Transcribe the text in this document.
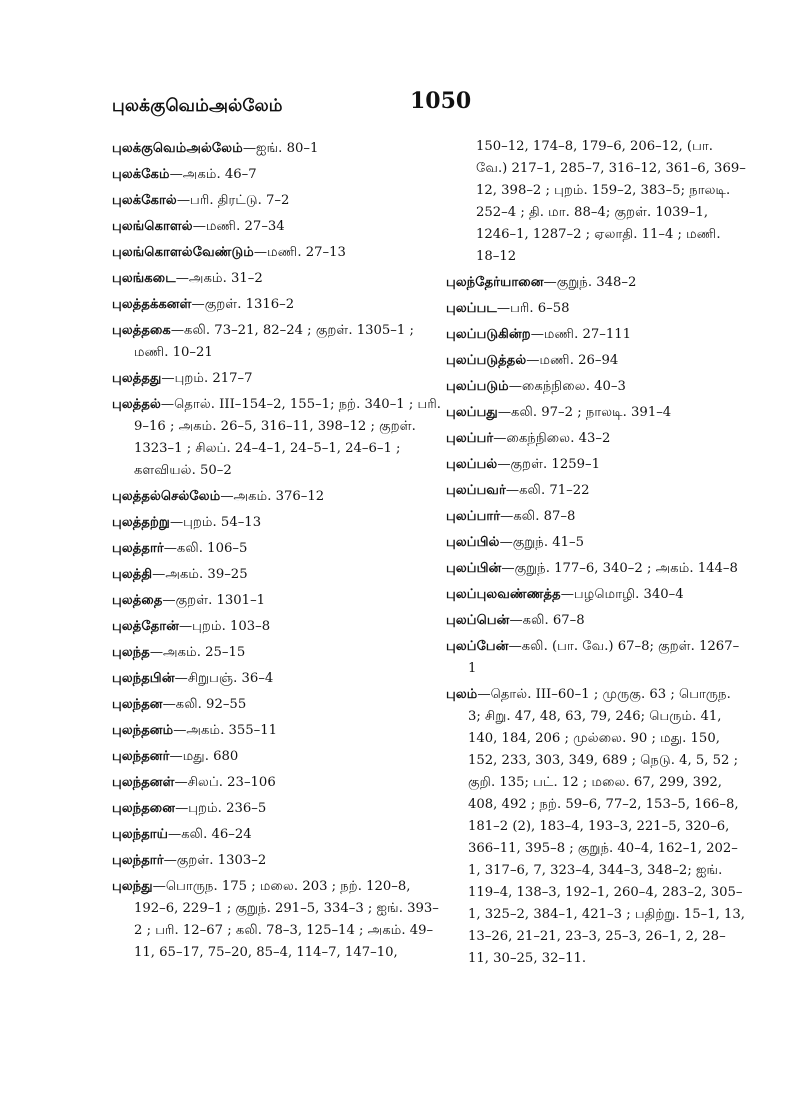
புலக்குவெம்அல்லேம்	1050
புலக்குவெம்அல்லேம்—ஐங். 80–1
புலக்கேம்—அகம். 46–7
புலக்கோல்—பரி. திரட்டு. 7–2
புலங்கொளல்—மணி. 27–34
புலங்கொளல்வேண்டும்—மணி. 27–13
புலங்கடை—அகம். 31–2
புலத்தக்கனள்—குறள். 1316–2
புலத்தகை—கலி. 73–21, 82–24 ; குறள். 1305–1 ; மணி. 10–21
புலத்தது—புறம். 217–7
புலத்தல்—தொல். III–154–2, 155–1; நற். 340–1 ; பரி. 9–16 ; அகம். 26–5, 316–11, 398–12 ; குறள். 1323–1 ; சிலப். 24–4–1, 24–5–1, 24–6–1 ; களவியல். 50–2
புலத்தல்செல்லேம்—அகம். 376–12
புலத்தற்று—புறம். 54–13
புலத்தார்—கலி. 106–5
புலத்தி—அகம். 39–25
புலத்தை—குறள். 1301–1
புலத்தோன்—புறம். 103–8
புலந்த—அகம். 25–15
புலந்தபின்—சிறுபஞ். 36–4
புலந்தன—கலி. 92–55
புலந்தனம்—அகம். 355–11
புலந்தனர்—மது. 680
புலந்தனள்—சிலப். 23–106
புலந்தனை—புறம். 236–5
புலந்தாய்—கலி. 46–24
புலந்தார்—குறள். 1303–2
புலந்து—பொருந. 175 ; மலை. 203 ; நற். 120–8, 192–6, 229–1 ; குறுந். 291–5, 334–3 ; ஐங். 393–2 ; பரி. 12–67 ; கலி. 78–3, 125–14 ; அகம். 49–11, 65–17, 75–20, 85–4, 114–7, 147–10,
150–12, 174–8, 179–6, 206–12, (பா. வே.) 217–1, 285–7, 316–12, 361–6, 369–12, 398–2 ; புறம். 159–2, 383–5; நாலடி. 252–4 ; தி. மா. 88–4; குறள். 1039–1, 1246–1, 1287–2 ; ஏலாதி. 11–4 ; மணி. 18–12
புலந்தேர்யானை—குறுந். 348–2
புலப்பட—பரி. 6–58
புலப்படுகின்ற—மணி. 27–111
புலப்படுத்தல்—மணி. 26–94
புலப்படும்—கைந்நிலை. 40–3
புலப்பது—கலி. 97–2 ; நாலடி. 391–4
புலப்பர்—கைந்நிலை. 43–2
புலப்பல்—குறள். 1259–1
புலப்பவர்—கலி. 71–22
புலப்பார்—கலி. 87–8
புலப்பில்—குறுந். 41–5
புலப்பின்—குறுந். 177–6, 340–2 ; அகம். 144–8
புலப்புலவண்ணத்த—பழமொழி. 340–4
புலப்பென்—கலி. 67–8
புலப்பேன்—கலி. (பா. வே.) 67–8; குறள். 1267–1
புலம்—தொல். III–60–1 ; முருகு. 63 ; பொருந. 3; சிறு. 47, 48, 63, 79, 246; பெரும். 41, 140, 184, 206 ; முல்லை. 90 ; மது. 150, 152, 233, 303, 349, 689 ; நெடு. 4, 5, 52 ; குறி. 135; பட். 12 ; மலை. 67, 299, 392, 408, 492 ; நற். 59–6, 77–2, 153–5, 166–8, 181–2 (2), 183–4, 193–3, 221–5, 320–6, 366–11, 395–8 ; குறுந். 40–4, 162–1, 202–1, 317–6, 7, 323–4, 344–3, 348–2; ஐங். 119–4, 138–3, 192–1, 260–4, 283–2, 305–1, 325–2, 384–1, 421–3 ; பதிற்று. 15–1, 13, 13–26, 21–21, 23–3, 25–3, 26–1, 2, 28–11, 30–25, 32–11.
